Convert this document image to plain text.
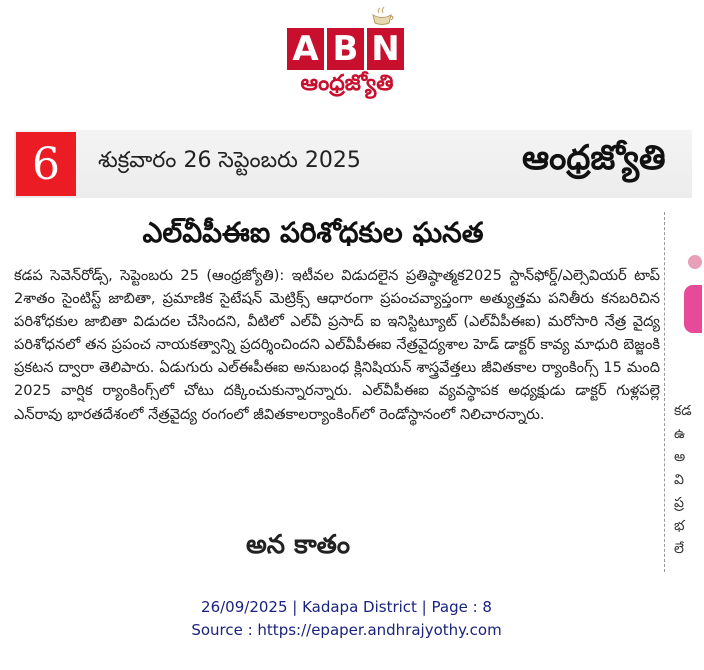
A B N
ఆంధ్రజ్యోతి
6	శుక్రవారం 26 సెప్టెంబరు 2025	ఆంధ్రజ్యోతి
ఎల్‌వీపీఈఐ పరిశోధకుల ఘనత
కడప సెవెన్‌రోడ్స్, సెప్టెంబరు 25 (ఆంధ్రజ్యోతి): ఇటీవల విడుదలైన ప్రతిష్ఠాత్మక2025 స్టాన్‌ఫోర్డ్/ఎల్సెవియర్ టాప్ 2శాతం సైంటిస్ట్ జాబితా, ప్రమాణిక సైటేషన్ మెట్రిక్స్ ఆధారంగా ప్రపంచవ్యాప్తంగా అత్యుత్తమ పనితీరు కనబరిచిన పరిశోధకుల జాబితా విడుదల చేసిందని, వీటిలో ఎల్‌వీ ప్రసాద్ ఐ ఇనిస్టిట్యూట్ (ఎల్‌వీపీఈఐ) మరోసారి నేత్ర వైద్య పరిశోధనలో తన ప్రపంచ నాయకత్వాన్ని ప్రదర్శించిందని ఎల్‌వీపీఈఐ నేత్రవైద్యశాల హెడ్ డాక్టర్ కావ్య మాధురి బెజ్జంకి ప్రకటన ద్వారా తెలిపారు. ఏడుగురు ఎల్‌ఈపీఈఐ అనుబంధ క్లినిషియన్ శాస్త్రవేత్తలు జీవితకాల ర్యాంకింగ్స్ 15 మంది 2025 వార్షిక ర్యాంకింగ్స్‌లో చోటు దక్కించుకున్నారన్నారు. ఎల్‌వీపీఈఐ వ్యవస్థాపక అధ్యక్షుడు డాక్టర్ గుళ్లపల్లె ఎన్‌రావు భారతదేశంలో నేత్రవైద్య రంగంలో జీవితకాలర్యాంకింగ్‌లో రెండోస్థానంలో నిలిచారన్నారు.
అన కాతం
కడ
ఉ
అ
వి
ప్ర
భ
లే
26/09/2025 | Kadapa District | Page : 8
Source : https://epaper.andhrajyothy.com
